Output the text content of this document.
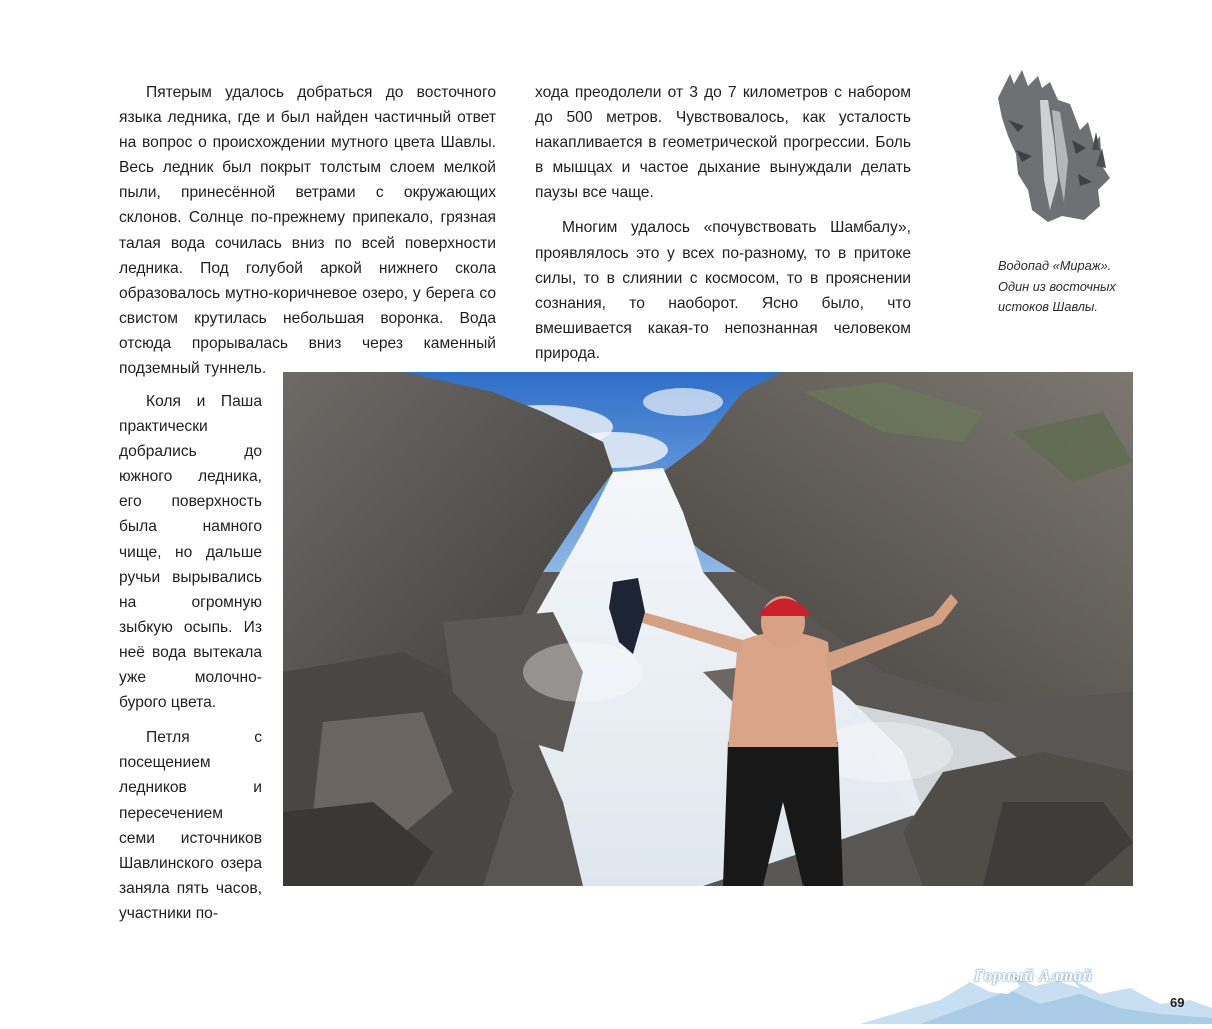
Пятерым удалось добраться до восточного языка ледника, где и был найден частичный ответ на вопрос о происхождении мутного цвета Шавлы. Весь ледник был покрыт толстым слоем мелкой пыли, принесённой ветрами с окружающих склонов. Солнце по-прежнему припекало, грязная талая вода сочилась вниз по всей поверхности ледника. Под голубой аркой нижнего скола образовалось мутно-коричневое озеро, у берега со свистом крутилась небольшая воронка. Вода отсюда прорывалась вниз через каменный подземный туннель.

Коля и Паша практически добрались до южного ледника, его поверхность была намного чище, но дальше ручьи вырывались на огромную зыбкую осыпь. Из неё вода вытекала уже молочно-бурого цвета.

Петля с посещением ледников и пересечением семи источников Шавлинского озера заняла пять часов, участники по-

хода преодолели от 3 до 7 километров с набором до 500 метров. Чувствовалось, как усталость накапливается в геометрической прогрессии. Боль в мышцах и частое дыхание вынуждали делать паузы все чаще.

Многим удалось «почувствовать Шамбалу», проявлялось это у всех по-разному, то в притоке силы, то в слиянии с космосом, то в прояснении сознания, то наоборот. Ясно было, что вмешивается какая-то непознанная человеком природа.

Водопад «Мираж». Один из восточных истоков Шавлы.
Горный Алтай
69
